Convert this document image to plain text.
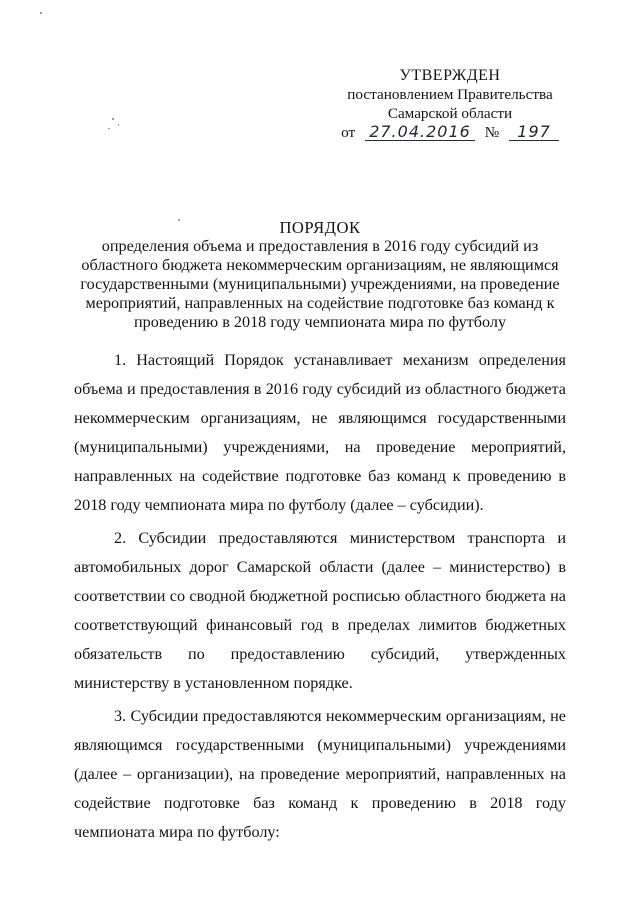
УТВЕРЖДЕН
постановлением Правительства
Самарской области
от 27.04.2016 №	197
ПОРЯДОК
определения объема и предоставления в 2016 году субсидий из областного бюджета некоммерческим организациям, не являющимся государственными (муниципальными) учреждениями, на проведение мероприятий, направленных на содействие подготовке баз команд к проведению в 2018 году чемпионата мира по футболу

1. Настоящий Порядок устанавливает механизм определения объема и предоставления в 2016 году субсидий из областного бюджета некоммерческим организациям, не являющимся государственными (муниципальными) учреждениями, на проведение мероприятий, направленных на содействие подготовке баз команд к проведению в 2018 году чемпионата мира по футболу (далее – субсидии).

2. Субсидии предоставляются министерством транспорта и автомобильных дорог Самарской области (далее – министерство) в соответствии со сводной бюджетной росписью областного бюджета на соответствующий финансовый год в пределах лимитов бюджетных обязательств по предоставлению субсидий, утвержденных министерству в установленном порядке.

3. Субсидии предоставляются некоммерческим организациям, не являющимся государственными (муниципальными) учреждениями (далее – организации), на проведение мероприятий, направленных на содействие подготовке баз команд к проведению в 2018 году чемпионата мира по футболу:
